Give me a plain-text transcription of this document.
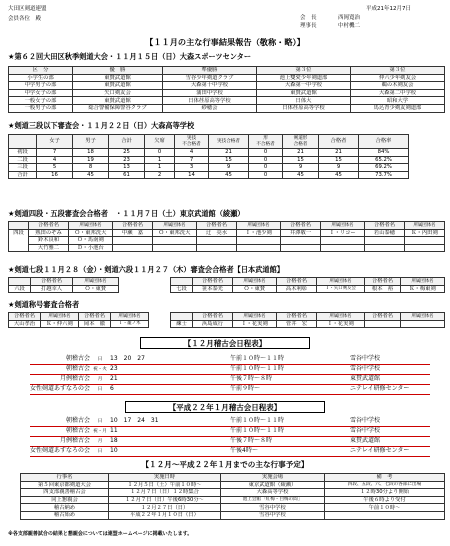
大田区剣道連盟
会員各位　殿
平成21年12月7日
会　長	西岡寛治
理事長	中村機二
【１１月の主な行事結果報告（敬称・略）】
★第６２回大田区秋季剣道大会・１１月１５日（日）大森スポーツセンター
区　分	優　勝	準優勝	第３位	第３位
小学生の部	東賛武道館	雪谷少年剣道クラブ	池上雙愛少年剣道部	仲六少年剣友会
中学男子の部	東賛武道館	大森第十中学校	大森第一中学校	鵜の木剣友会
中学女子の部	矢口剣友会	蒲田中学校	東賛武道館	大森第二中学校
一般女子の部	東賛武道館	日体荏原高等学校	日体大	昭和大学
一般男子の部	総合警備保障警谷クラブ	紗穂会	日体荏原高等学校	馬込青少剣友剣道部
★剣道三段以下審査会・１１月２２日（日）大森高等学校
	女子	男子	合計	欠席	実技
不合格者	実技合格者	形
不合格者	剣道形
合格者	合格者	合格率
初段	7	18	25	0	4	21	0	21	21	84%
二段	4	19	23	1	7	15	0	15	15	65.2%
三段	5	8	13	1	3	9	0	9	9	69.2%
合計	16	45	61	2	14	45	0	45	45	73.7%
★剣道四段・五段審査会合格者　・１１月７日（土）東京武道館（綾瀬）
	合格者名	所属団体名	合格者名	所属団体名	合格者名	所属団体名	合格者名	所属団体名	合格者名	所属団体名
四段	熟田のぞみ	Ｏ・東邦洗大	中瀬　嘉	Ｏ・東邦洗大	辻　亮水	Ｉ・池少剣	井澤敬一	Ｉ・リコー	若山泰穂	Ｋ・内田剣
	鈴木良和	Ｏ・馬南剣								
	大竹雅二	Ｄ・小池台								
★剣道七段１１月２８（金）・剣道六段１１月２７（木）審査会合格者【日本武道館】
	合格者名	所属団体名
六段	打越幸人	Ｏ・東賛
	合格者名	所属団体名	合格者名	所属団体名	合格者名	所属団体名
七段	笹本泰光	Ｏ・東賛	高木利彰	Ｉ・矢口剣友会	根本　裕	Ｋ・梅東剣
★剣道称号審査合格者
合格者名	所属団体名	合格者名	所属団体名
大山孝治	Ｋ・仲六剣	岡本　徹	Ｉ・籠ノ木
	合格者名	所属団体名	合格者名	所属団体名	合格者名	所属団体名
練士	浜島成行	Ｉ・花実剣	菅井　宏	Ｉ・花実剣		
【１２月稽古会日程表】
朝稽古会	日	13　20　27	午前１０時～１１時	雪谷中学校
朝稽古会 祝・火 23	午前１０時～１１時	雪谷中学校
月例稽古会	月	21	午後７時～８時	東賛武道館
女性剣道あすなろの会	日	6	午前９時～	ニテレイ研修センター
【平成２２年１月稽古会日程表】
朝稽古会	日	10　17　24　31	午前１０時～１１時	雪谷中学校
朝稽古会 祝・月 11	午前１０時～１１時	雪谷中学校
月例稽古会	月	18	午後７時～８時	東賛武道館
女性剣道あすなろの会	日	10	午後4時～	ニテレイ研修センター
【１２月～平成２２年１月までの主な行事予定】
行事名	実施日時	実施会場	備　考
第５回東京都剣道大会	１２月５日（土）午前１０時～	東京武道館（綾瀬）	四段、五段、六、七段の各部に出場
四支部親善稽古会	１２月７日（日）１２時集合	大森高等学校	１２時30分より開始
同上懇親会	１２月７日（日）午後6時30分～	池上会館「紅梅・白梅の間」	午後６時より受付
稽古納め	１２月２７日（日）	雪谷中学校	午前１０時～
稽古始め	平成２２年１月１０日（日）	雪谷中学校	
※各支部親善試合の結果と懇親会については連盟ホームページに掲載いたします。
